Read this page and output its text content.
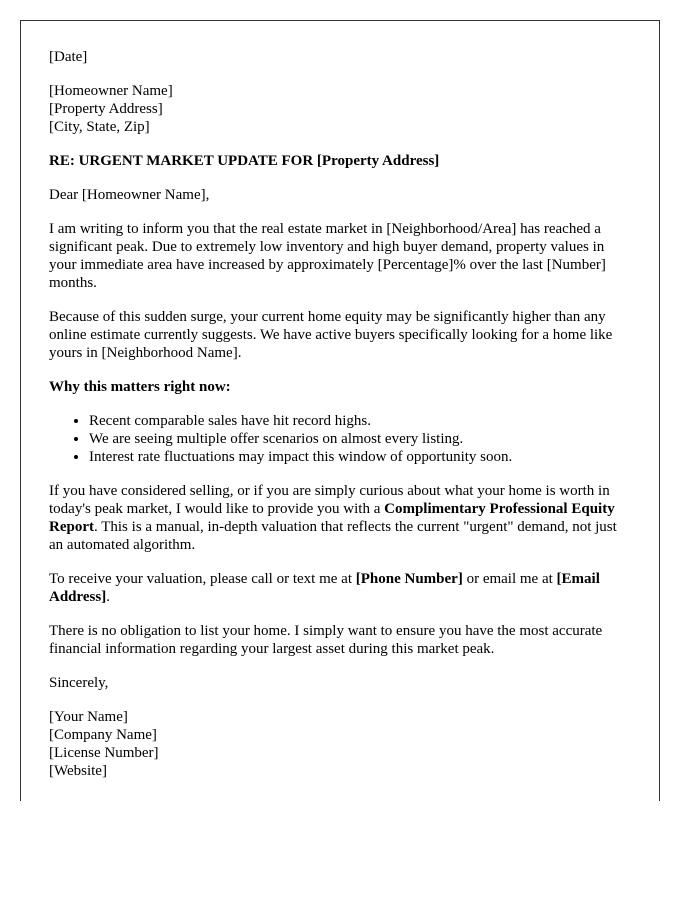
[Date]

[Homeowner Name]
[Property Address]
[City, State, Zip]

RE: URGENT MARKET UPDATE FOR [Property Address]

Dear [Homeowner Name],

I am writing to inform you that the real estate market in [Neighborhood/Area] has reached a significant peak. Due to extremely low inventory and high buyer demand, property values in your immediate area have increased by approximately [Percentage]% over the last [Number] months.

Because of this sudden surge, your current home equity may be significantly higher than any online estimate currently suggests. We have active buyers specifically looking for a home like yours in [Neighborhood Name].

Why this matters right now:

• Recent comparable sales have hit record highs.
• We are seeing multiple offer scenarios on almost every listing.
• Interest rate fluctuations may impact this window of opportunity soon.

If you have considered selling, or if you are simply curious about what your home is worth in today's peak market, I would like to provide you with a Complimentary Professional Equity Report. This is a manual, in-depth valuation that reflects the current "urgent" demand, not just an automated algorithm.

To receive your valuation, please call or text me at [Phone Number] or email me at [Email Address].

There is no obligation to list your home. I simply want to ensure you have the most accurate financial information regarding your largest asset during this market peak.

Sincerely,

[Your Name]
[Company Name]
[License Number]
[Website]
